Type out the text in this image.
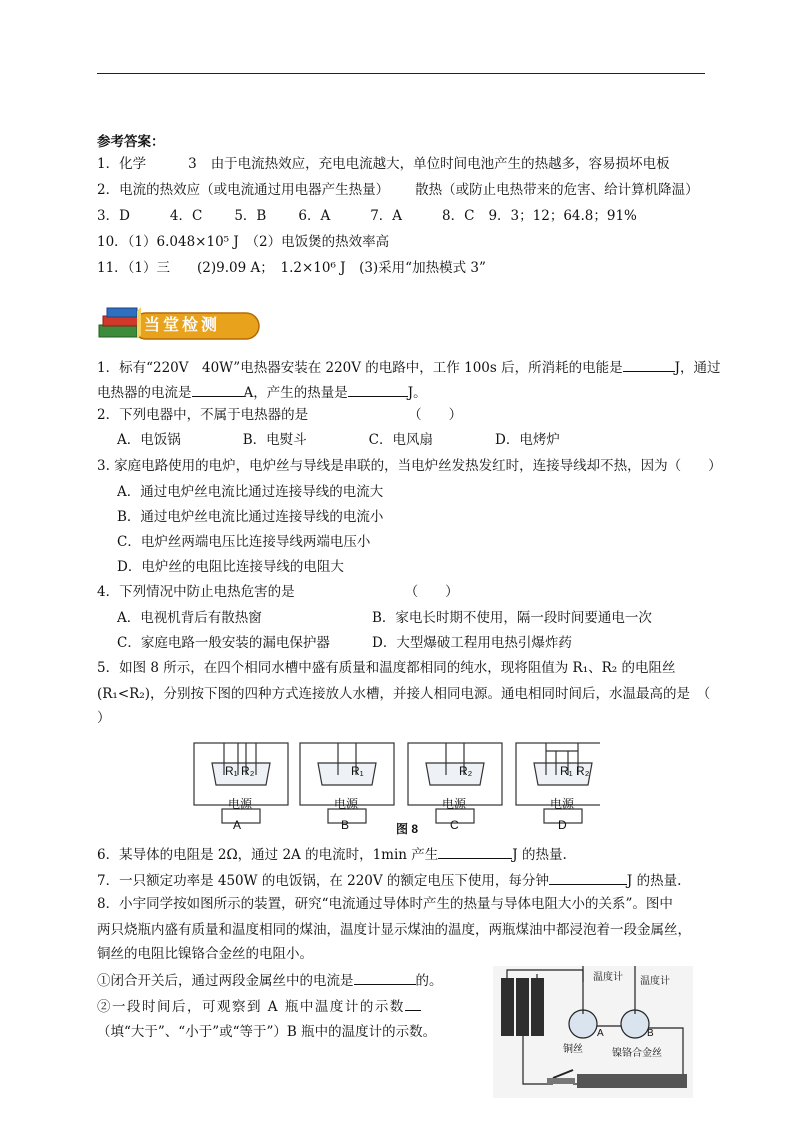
参考答案：
1．化学	3 由于电流热效应，充电电流越大，单位时间电池产生的热越多，容易损坏电板
2．电流的热效应（或电流通过用电器产生热量） 散热（或防止电热带来的危害、给计算机降温）
3．D	4．C 5．B 6．A	7．A	8．C 9．3；12；64.8；91%
10．（1）6.048×10⁵ J　（2）电饭煲的热效率高
11．（1）三　　(2)9.09 A；　1.2×10⁶ J　(3)采用“加热模式 3”
当堂检测
1．标有“220V　40W”电热器安装在 220V 的电路中，工作 100s 后，所消耗的电能是	J，通过
电热器的电流是	A，产生的热量是	J。
2．下列电器中，不属于电热器的是	（　　）
A．电饭锅	B．电熨斗	C．电风扇	D．电烤炉
3. 家庭电路使用的电炉，电炉丝与导线是串联的，当电炉丝发热发红时，连接导线却不热，因为（　　）
A．通过电炉丝电流比通过连接导线的电流大
B．通过电炉丝电流比通过连接导线的电流小
C．电炉丝两端电压比连接导线两端电压小
D．电炉丝的电阻比连接导线的电阻大
4．下列情况中防止电热危害的是	（　　）
A．电视机背后有散热窗	B．家电长时期不使用，隔一段时间要通电一次
C．家庭电路一般安装的漏电保护器	D．大型爆破工程用电热引爆炸药
5．如图 8 所示，在四个相同水槽中盛有质量和温度都相同的纯水，现将阻值为 R₁、R₂ 的电阻丝
(R₁<R₂)，分别按下图的四种方式连接放人水槽，并接人相同电源。通电相同时间后，水温最高的是　（
）
R₁ R₂	R₁	R₂	R₁ R₂
电源	电源	电源	电源
A	B	C	D
图 8
6．某导体的电阻是 2Ω，通过 2A 的电流时，1min 产生	J 的热量.
7．一只额定功率是 450W 的电饭锅，在 220V 的额定电压下使用，每分钟	J 的热量.
8．小宇同学按如图所示的装置，研究“电流通过导体时产生的热量与导体电阻大小的关系”。图中
两只烧瓶内盛有质量和温度相同的煤油，温度计显示煤油的温度，两瓶煤油中都浸泡着一段金属丝，
铜丝的电阻比镍铬合金丝的电阻小。
①闭合开关后，通过两段金属丝中的电流是	的。
②一段时间后，可观察到 A 瓶中温度计的示数
（填“大于”、“小于”或“等于”）B 瓶中的温度计的示数。
温度计 温度计
铜丝	镍铬合金丝
A	B
